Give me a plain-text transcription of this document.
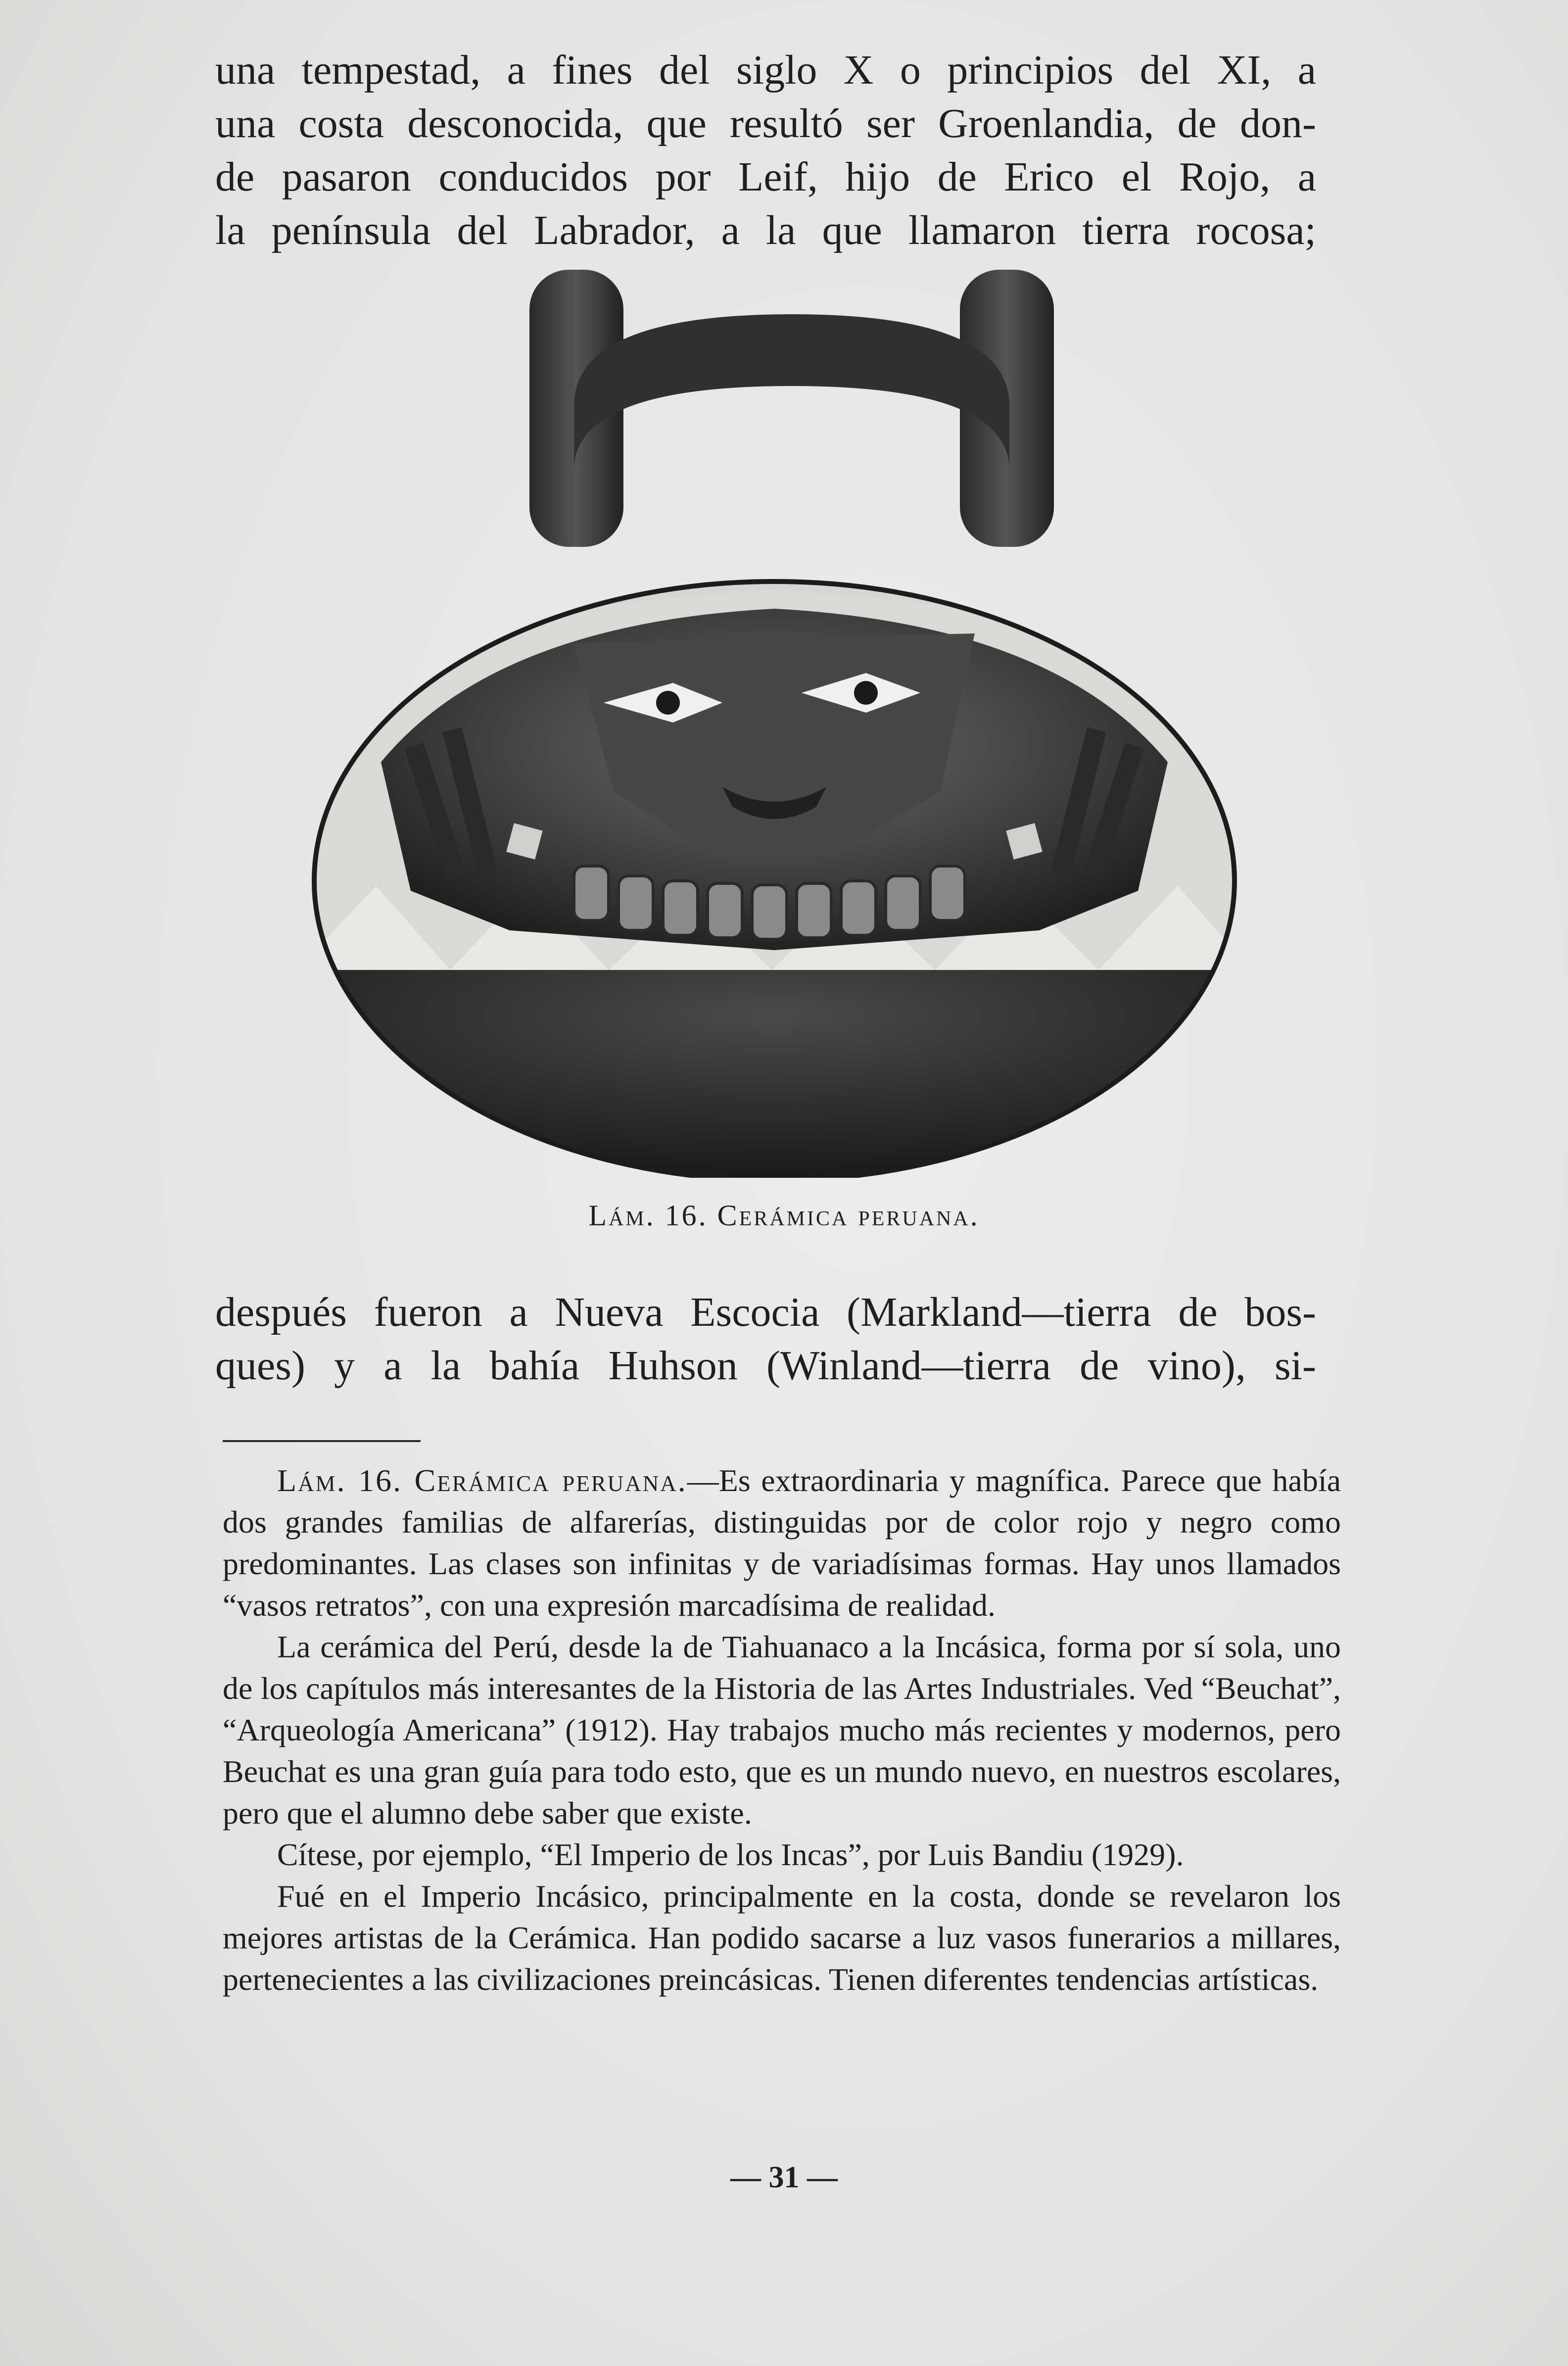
una tempestad, a fines del siglo X o principios del XI, a
una costa desconocida, que resultó ser Groenlandia, de don-
de pasaron conducidos por Leif, hijo de Erico el Rojo, a
la península del Labrador, a la que llamaron tierra rocosa;
Lám. 16. Cerámica peruana.
después fueron a Nueva Escocia (Markland—tierra de bos-
ques) y a la bahía Huhson (Winland—tierra de vino), si-

Lám. 16. Cerámica peruana.—Es extraordinaria y magnífica. Parece que había dos grandes familias de alfarerías, distinguidas por de color rojo y negro como predominantes. Las clases son infinitas y de variadísimas formas. Hay unos llamados “vasos retratos”, con una expresión marcadísima de realidad.

La cerámica del Perú, desde la de Tiahuanaco a la Incásica, forma por sí sola, uno de los capítulos más interesantes de la Historia de las Artes Industriales. Ved “Beuchat”, “Arqueología Americana” (1912). Hay trabajos mucho más recientes y modernos, pero Beuchat es una gran guía para todo esto, que es un mundo nuevo, en nuestros escolares, pero que el alumno debe saber que existe.

Cítese, por ejemplo, “El Imperio de los Incas”, por Luis Bandiu (1929).

Fué en el Imperio Incásico, principalmente en la costa, donde se revelaron los mejores artistas de la Cerámica. Han podido sacarse a luz vasos funerarios a millares, pertenecientes a las civilizaciones preincásicas. Tienen diferentes tendencias artísticas.

— 31 —
